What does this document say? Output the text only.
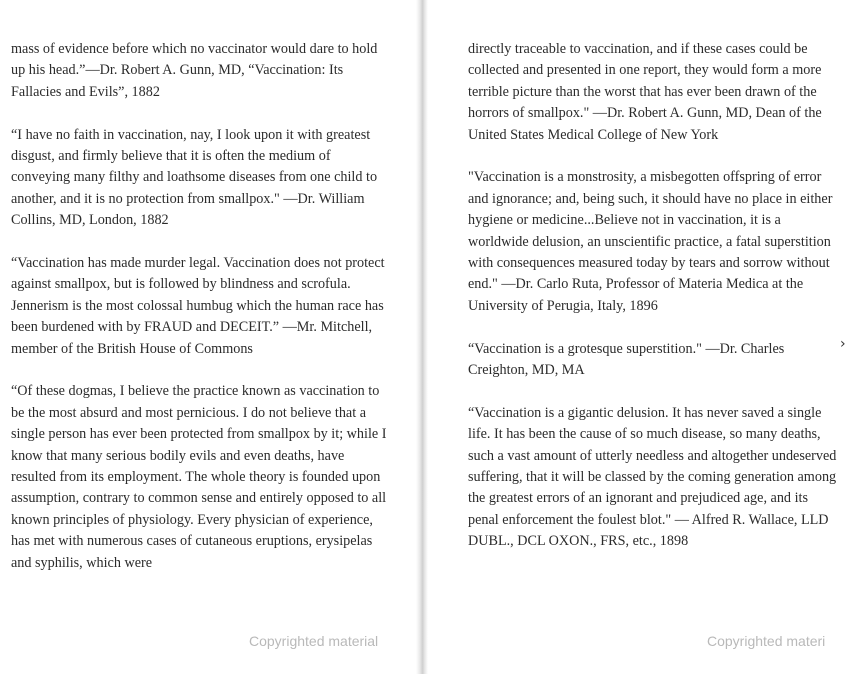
mass of evidence before which no vaccinator would dare to hold up his head.”—Dr. Robert A. Gunn, MD, “Vaccination: Its Fallacies and Evils”, 1882

“I have no faith in vaccination, nay, I look upon it with greatest disgust, and firmly believe that it is often the medium of conveying many filthy and loathsome diseases from one child to another, and it is no protection from smallpox." —Dr. William Collins, MD, London, 1882

“Vaccination has made murder legal. Vaccination does not protect against smallpox, but is followed by blindness and scrofula. Jennerism is the most colossal humbug which the human race has been burdened with by FRAUD and DECEIT.” —Mr. Mitchell, member of the British House of Commons

“Of these dogmas, I believe the practice known as vaccination to be the most absurd and most pernicious. I do not believe that a single person has ever been protected from smallpox by it; while I know that many serious bodily evils and even deaths, have resulted from its employment. The whole theory is founded upon assumption, contrary to common sense and entirely opposed to all known principles of physiology. Every physician of experience, has met with numerous cases of cutaneous eruptions, erysipelas and syphilis, which were

Copyrighted material

directly traceable to vaccination, and if these cases could be collected and presented in one report, they would form a more terrible picture than the worst that has ever been drawn of the horrors of smallpox." —Dr. Robert A. Gunn, MD, Dean of the United States Medical College of New York

"Vaccination is a monstrosity, a misbegotten offspring of error and ignorance; and, being such, it should have no place in either hygiene or medicine...Believe not in vaccination, it is a worldwide delusion, an unscientific practice, a fatal superstition with consequences measured today by tears and sorrow without end." —Dr. Carlo Ruta, Professor of Materia Medica at the University of Perugia, Italy, 1896

“Vaccination is a grotesque superstition." —Dr. Charles Creighton, MD, MA

“Vaccination is a gigantic delusion. It has never saved a single life. It has been the cause of so much disease, so many deaths, such a vast amount of utterly needless and altogether undeserved suffering, that it will be classed by the coming generation among the greatest errors of an ignorant and prejudiced age, and its penal enforcement the foulest blot." — Alfred R. Wallace, LLD DUBL., DCL OXON., FRS, etc., 1898

Copyrighted materi
›
